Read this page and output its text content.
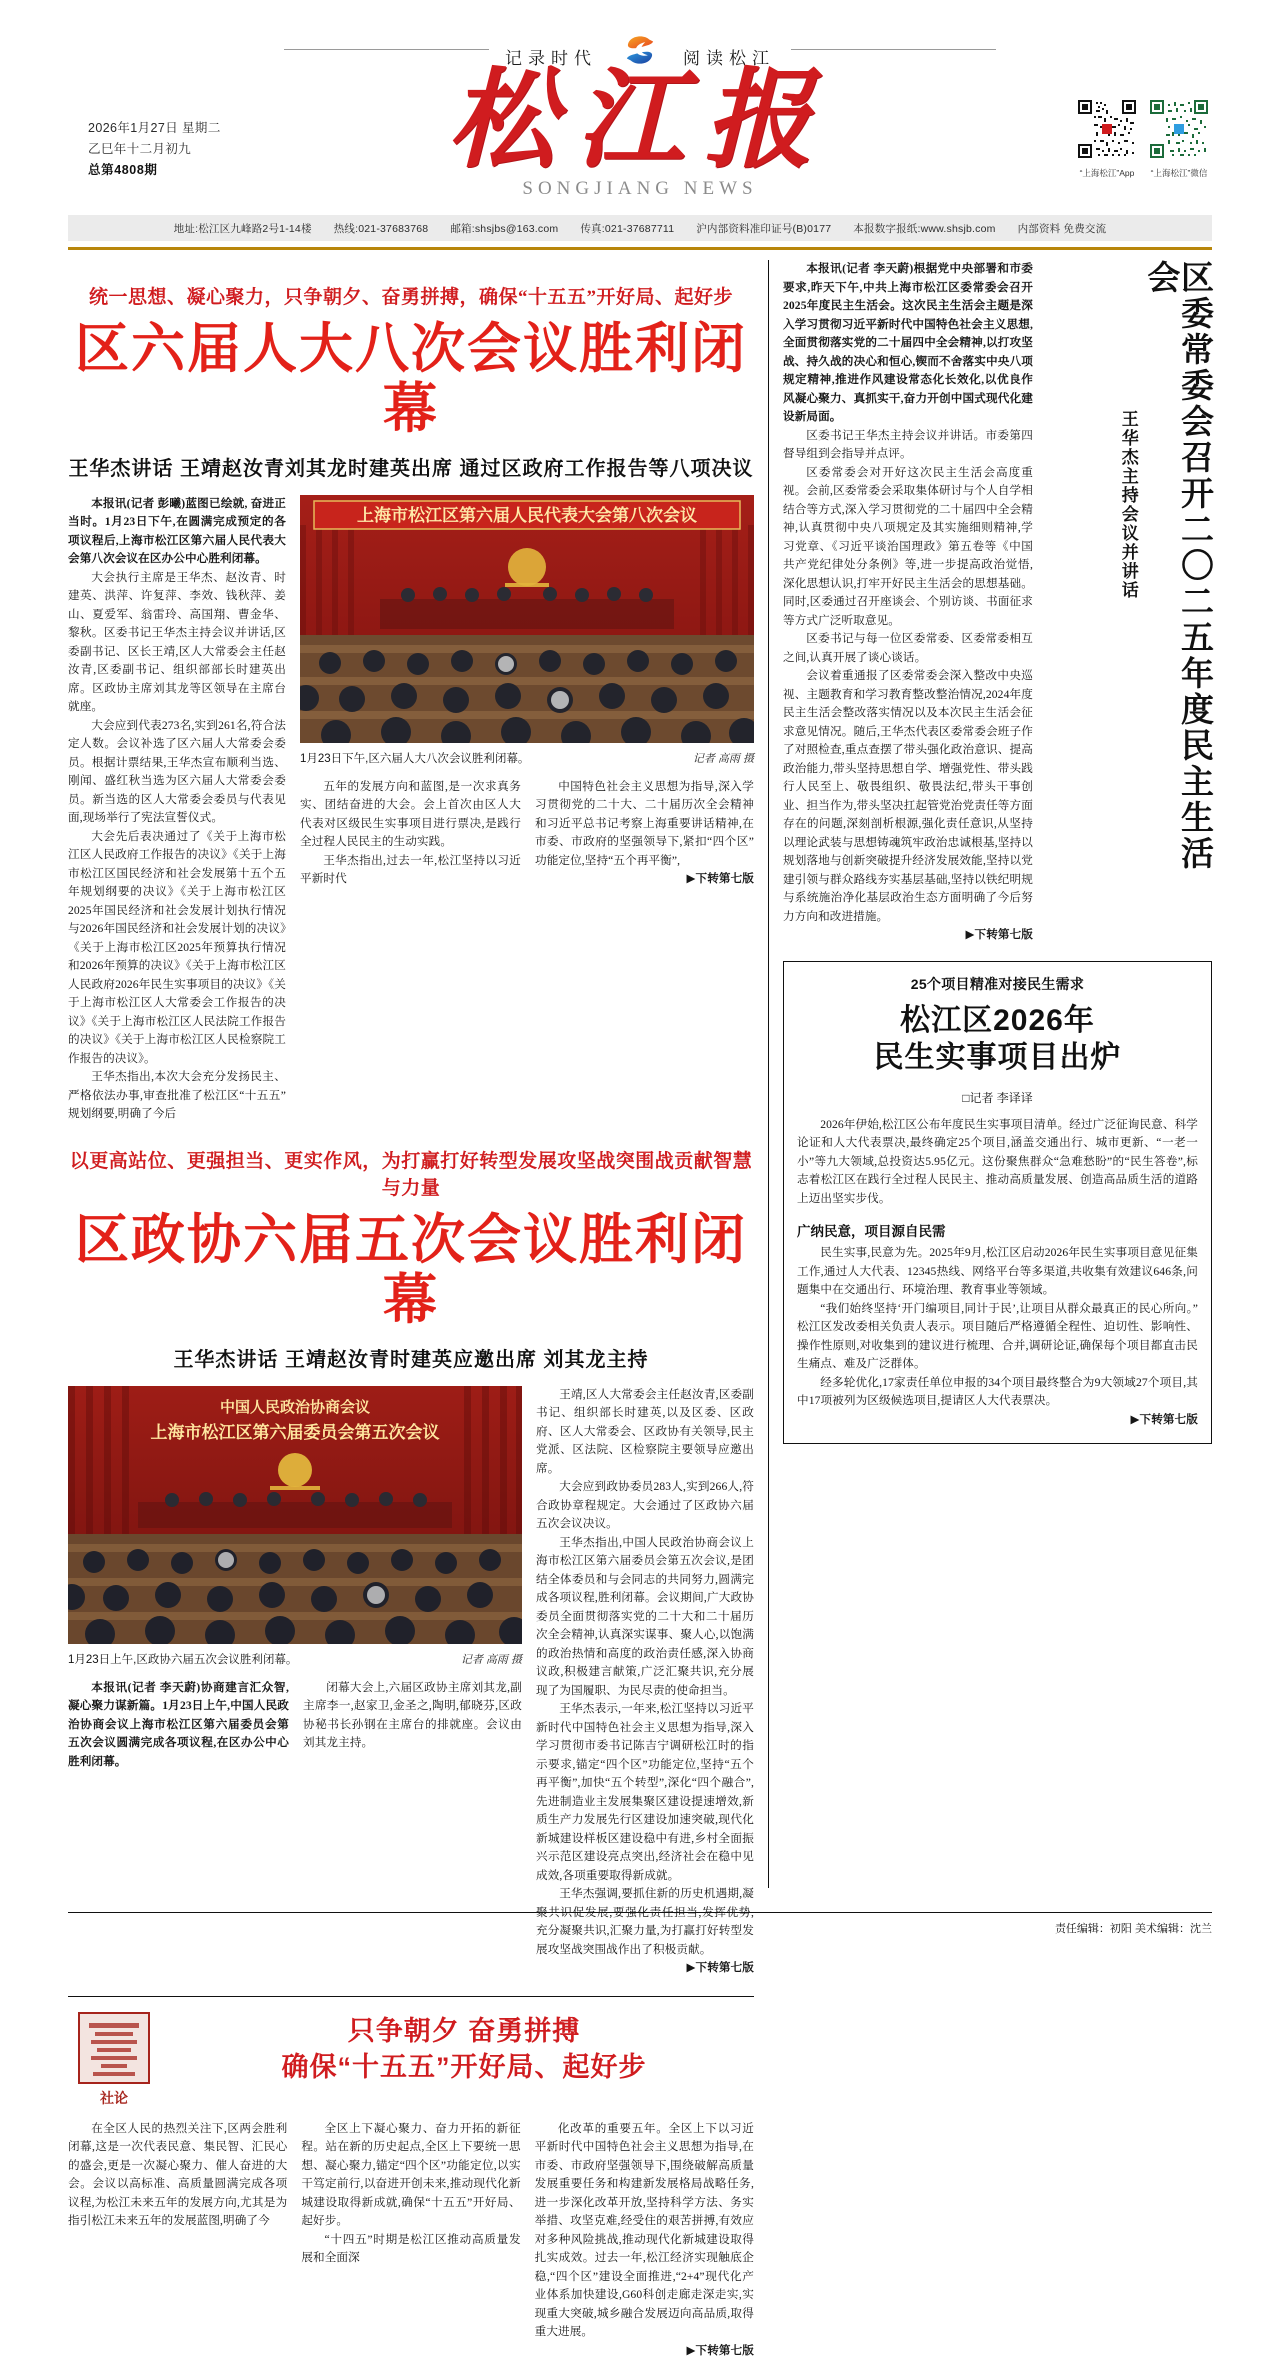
记录时代	阅读松江
2026年1月27日 星期二
乙巳年十二月初九
总第4808期	松江报
SONGJIANG NEWS
“上海松江”App “上海松江”微信
地址:松江区九峰路2号1-14楼 热线:021-37683768 邮箱:shsjbs@163.com 传真:021-37687711 沪内部资料准印证号(B)0177 本报数字报纸:www.shsjb.com 内部资料 免费交流
统一思想、凝心聚力，只争朝夕、奋勇拼搏，确保“十五五”开好局、起好步
区六届人大八次会议胜利闭幕
王华杰讲话 王靖赵汝青刘其龙时建英出席 通过区政府工作报告等八项决议

本报讯(记者 彭曦)蓝图已绘就, 奋进正当时。1月23日下午,在圆满完成预定的各项议程后,上海市松江区第六届人民代表大会第八次会议在区办公中心胜利闭幕。

大会执行主席是王华杰、赵汝青、时建英、洪萍、许复萍、李效、钱秋萍、姜山、夏爱军、翁雷玲、高国翔、曹金华、黎秋。区委书记王华杰主持会议并讲话,区委副书记、区长王靖,区人大常委会主任赵汝青,区委副书记、组织部部长时建英出席。区政协主席刘其龙等区领导在主席台就座。

大会应到代表273名,实到261名,符合法定人数。会议补选了区六届人大常委会委员。根据计票结果,王华杰宣布顺利当选、刚闻、盛红秋当选为区六届人大常委会委员。新当选的区人大常委会委员与代表见面,现场举行了宪法宣誓仪式。

大会先后表决通过了《关于上海市松江区人民政府工作报告的决议》《关于上海市松江区国民经济和社会发展第十五个五年规划纲要的决议》《关于上海市松江区2025年国民经济和社会发展计划执行情况与2026年国民经济和社会发展计划的决议》《关于上海市松江区2025年预算执行情况和2026年预算的决议》《关于上海市松江区人民政府2026年民生实事项目的决议》《关于上海市松江区人大常委会工作报告的决议》《关于上海市松江区人民法院工作报告的决议》《关于上海市松江区人民检察院工作报告的决议》。

王华杰指出,本次大会充分发扬民主、严格依法办事,审查批准了松江区“十五五”规划纲要,明确了今后

上海市松江区第六届人民代表大会第八次会议
1月23日下午,区六届人大八次会议胜利闭幕。	记者 高雨 摄

五年的发展方向和蓝图,是一次求真务实、团结奋进的大会。会上首次由区人大代表对区级民生实事项目进行票决,是践行全过程人民民主的生动实践。

王华杰指出,过去一年,松江坚持以习近平新时代

中国特色社会主义思想为指导,深入学习贯彻党的二十大、二十届历次全会精神和习近平总书记考察上海重要讲话精神,在市委、市政府的坚强领导下,紧扣“四个区”功能定位,坚持“五个再平衡”,

▶下转第七版

以更高站位、更强担当、更实作风，为打赢打好转型发展攻坚战突围战贡献智慧与力量
区政协六届五次会议胜利闭幕
王华杰讲话 王靖赵汝青时建英应邀出席 刘其龙主持
中国人民政治协商会议
上海市松江区第六届委员会第五次会议
1月23日上午,区政协六届五次会议胜利闭幕。	记者 高雨 摄

本报讯(记者 李天蔚)协商建言汇众智,凝心聚力谋新篇。1月23日上午,中国人民政治协商会议上海市松江区第六届委员会第五次会议圆满完成各项议程,在区办公中心胜利闭幕。

闭幕大会上,六届区政协主席刘其龙,副主席李一,赵家卫,金圣之,陶明,郁晓芬,区政协秘书长孙钢在主席台的排就座。会议由刘其龙主持。

王靖,区人大常委会主任赵汝青,区委副书记、组织部长时建英,以及区委、区政府、区人大常委会、区政协有关领导,民主党派、区法院、区检察院主要领导应邀出席。

大会应到政协委员283人,实到266人,符合政协章程规定。大会通过了区政协六届五次会议决议。

王华杰指出,中国人民政治协商会议上海市松江区第六届委员会第五次会议,是团结全体委员和与会同志的共同努力,圆满完成各项议程,胜利闭幕。会议期间,广大政协委员全面贯彻落实党的二十大和二十届历次全会精神,认真深实谋事、聚人心,以饱满的政治热情和高度的政治责任感,深入协商议政,积极建言献策,广泛汇聚共识,充分展现了为国履职、为民尽责的使命担当。

王华杰表示,一年来,松江坚持以习近平新时代中国特色社会主义思想为指导,深入学习贯彻市委书记陈吉宁调研松江时的指示要求,锚定“四个区”功能定位,坚持“五个再平衡”,加快“五个转型”,深化“四个融合”,先进制造业主发展集聚区建设提速增效,新质生产力发展先行区建设加速突破,现代化新城建设样板区建设稳中有进,乡村全面振兴示范区建设亮点突出,经济社会在稳中见成效,各项重要取得新成就。

王华杰强调,要抓住新的历史机遇期,凝聚共识促发展,要强化责任担当,发挥优势,充分凝聚共识,汇聚力量,为打赢打好转型发展攻坚战突围战作出了积极贡献。

▶下转第七版

社论
只争朝夕 奋勇拼搏
确保“十五五”开好局、起好步

在全区人民的热烈关注下,区两会胜利闭幕,这是一次代表民意、集民智、汇民心的盛会,更是一次凝心聚力、催人奋进的大会。会议以高标准、高质量圆满完成各项议程,为松江未来五年的发展方向,尤其是为指引松江未来五年的发展蓝图,明确了今

全区上下凝心聚力、奋力开拓的新征程。站在新的历史起点,全区上下要统一思想、凝心聚力,锚定“四个区”功能定位,以实干笃定前行,以奋进开创未来,推动现代化新城建设取得新成就,确保“十五五”开好局、起好步。

“十四五”时期是松江区推动高质量发展和全面深

化改革的重要五年。全区上下以习近平新时代中国特色社会主义思想为指导,在市委、市政府坚强领导下,围绕破解高质量发展重要任务和构建新发展格局战略任务,进一步深化改革开放,坚持科学方法、务实举措、攻坚克难,经受住的艰苦拼搏,有效应对多种风险挑战,推动现代化新城建设取得扎实成效。过去一年,松江经济实现触底企稳,“四个区”建设全面推进,“2+4”现代化产业体系加快建设,G60科创走廊走深走实,实现重大突破,城乡融合发展迈向高品质,取得重大进展。

▶下转第七版

本报讯(记者 李天蔚)根据党中央部署和市委要求,昨天下午,中共上海市松江区委常委会召开2025年度民主生活会。这次民主生活会主题是深入学习贯彻习近平新时代中国特色社会主义思想,全面贯彻落实党的二十届四中全会精神,以打攻坚战、持久战的决心和恒心,锲而不舍落实中央八项规定精神,推进作风建设常态化长效化,以优良作风凝心聚力、真抓实干,奋力开创中国式现代化建设新局面。

区委书记王华杰主持会议并讲话。市委第四督导组到会指导并点评。

区委常委会对开好这次民主生活会高度重视。会前,区委常委会采取集体研讨与个人自学相结合等方式,深入学习贯彻党的二十届四中全会精神,认真贯彻中央八项规定及其实施细则精神,学习党章、《习近平谈治国理政》第五卷等《中国共产党纪律处分条例》等,进一步提高政治觉悟,深化思想认识,打牢开好民主生活会的思想基础。同时,区委通过召开座谈会、个别访谈、书面征求等方式广泛听取意见。

区委书记与每一位区委常委、区委常委相互之间,认真开展了谈心谈话。

会议着重通报了区委常委会深入整改中央巡视、主题教育和学习教育整改整治情况,2024年度民主生活会整改落实情况以及本次民主生活会征求意见情况。随后,王华杰代表区委常委会班子作了对照检查,重点查摆了带头强化政治意识、提高政治能力,带头坚持思想自学、增强党性、带头践行人民至上、敬畏组织、敬畏法纪,带头干事创业、担当作为,带头坚决扛起管党治党责任等方面存在的问题,深刻剖析根源,强化责任意识,从坚持以理论武装与思想铸魂筑牢政治忠诚根基,坚持以规划落地与创新突破提升经济发展效能,坚持以党建引领与群众路线夯实基层基础,坚持以铁纪明规与系统施治净化基层政治生态方面明确了今后努力方向和改进措施。

▶下转第七版

王华杰主持会议并讲话	区委常委会召开二〇二五年度民主生活会
25个项目精准对接民生需求
松江区2026年
民生实事项目出炉
□记者 李译译

2026年伊始,松江区公布年度民生实事项目清单。经过广泛征询民意、科学论证和人大代表票决,最终确定25个项目,涵盖交通出行、城市更新、“一老一小”等九大领域,总投资达5.95亿元。这份聚焦群众“急难愁盼”的“民生答卷”,标志着松江区在践行全过程人民民主、推动高质量发展、创造高品质生活的道路上迈出坚实步伐。

广纳民意，项目源自民需

民生实事,民意为先。2025年9月,松江区启动2026年民生实事项目意见征集工作,通过人大代表、12345热线、网络平台等多渠道,共收集有效建议646条,问题集中在交通出行、环境治理、教育事业等领域。

“我们始终坚持‘开门编项目,同计于民’,让项目从群众最真正的民心所向。”松江区发改委相关负责人表示。项目随后严格遵循全程性、迫切性、影响性、操作性原则,对收集到的建议进行梳理、合并,调研论证,确保每个项目都直击民生痛点、难及广泛群体。

经多轮优化,17家责任单位申报的34个项目最终整合为9大领域27个项目,其中17项被列为区级候选项目,提请区人大代表票决。

▶下转第七版

责任编辑：初阳 美术编辑：沈兰
